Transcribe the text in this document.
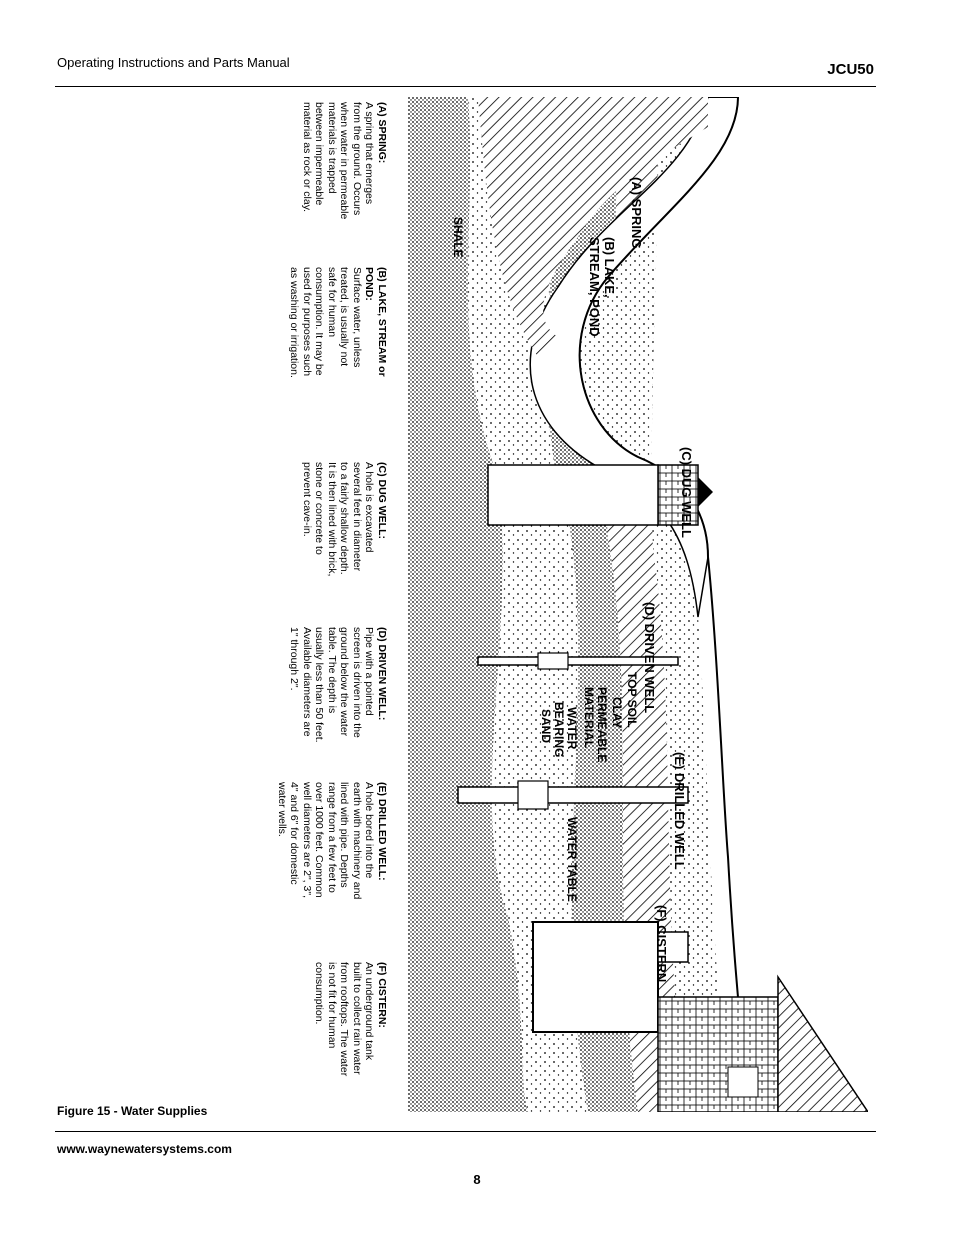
Operating Instructions and Parts Manual	JCU50
(A) SPRING
(B) LAKE,
STREAM, POND
SHALE
(C) DUG WELL
(D) DRIVEN WELL
(E) DRILLED WELL
(F) CISTERN
TOP SOIL
CLAY
PERMEABLE
MATERIAL
WATER
BEARING
SAND
WATER TABLE
(A) SPRING:
A spring that emerges from the ground. Occurs when water in permeable materials is trapped between impermeable material as rock or clay.
(B) LAKE, STREAM or POND:
Surface water, unless treated, is usually not safe for human consumption. It may be used for purposes such as washing or irrigation.
(C) DUG WELL:
A hole is excavated several feet in diameter to a fairly shallow depth. It is then lined with brick, stone or concrete to prevent cave-in.
(D) DRIVEN WELL:
Pipe with a pointed screen is driven into the ground below the water table. The depth is usually less than 50 feet. Available diameters are 1" through 2".
(E) DRILLED WELL:
A hole bored into the earth with machinery and lined with pipe. Depths range from a few feet to over 1000 feet. Common well diameters are 2", 3", 4" and 6" for domestic water wells.
(F) CISTERN:
An underground tank built to collect rain water from rooftops. The water is not fit for human consumption.
Figure 15 - Water Supplies
www.waynewatersystems.com
8
